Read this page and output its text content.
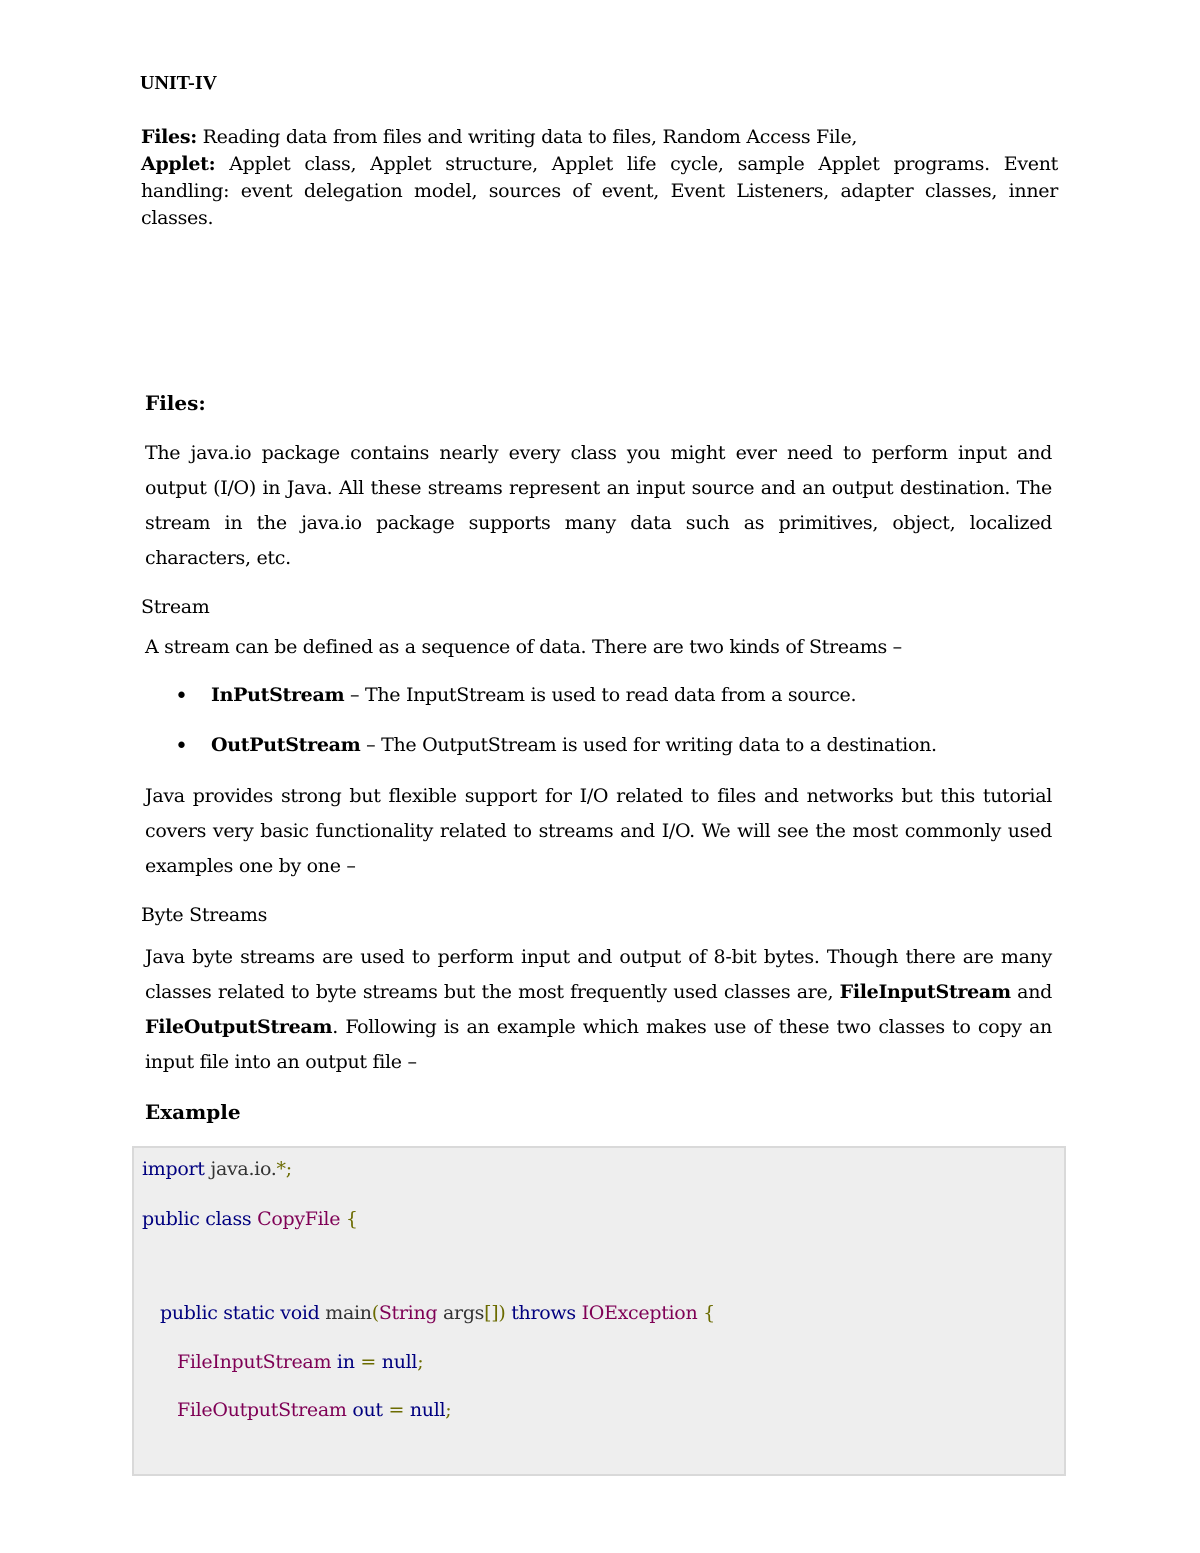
UNIT-IV

Files: Reading data from files and writing data to files, Random Access File,

Applet: Applet class, Applet structure, Applet life cycle, sample Applet programs. Event handling: event delegation model, sources of event, Event Listeners, adapter classes, inner classes.

Files:

The java.io package contains nearly every class you might ever need to perform input and output (I/O) in Java. All these streams represent an input source and an output destination. The stream in the java.io package supports many data such as primitives, object, localized characters, etc.

Stream
A stream can be defined as a sequence of data. There are two kinds of Streams –
• InPutStream – The InputStream is used to read data from a source.
• OutPutStream – The OutputStream is used for writing data to a destination.

Java provides strong but flexible support for I/O related to files and networks but this tutorial covers very basic functionality related to streams and I/O. We will see the most commonly used examples one by one –

Byte Streams

Java byte streams are used to perform input and output of 8-bit bytes. Though there are many classes related to byte streams but the most frequently used classes are, FileInputStream and FileOutputStream. Following is an example which makes use of these two classes to copy an input file into an output file –

Example
import java.io.*;
public class CopyFile {
public static void main(String args[]) throws IOException {
FileInputStream in = null;
FileOutputStream out = null;
